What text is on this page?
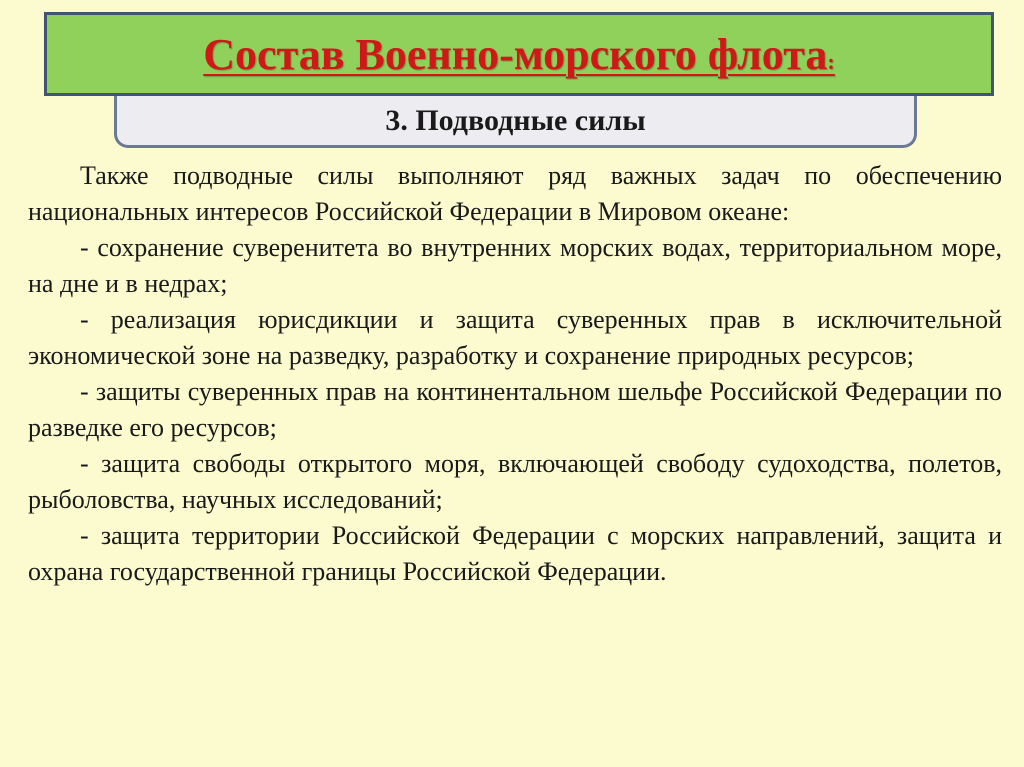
Состав Военно-морского флота:
3. Подводные силы

Также подводные силы выполняют ряд важных задач по обеспечению национальных интересов Российской Федерации в Мировом океане:

- сохранение суверенитета во внутренних морских водах, территориальном море, на дне и в недрах;

- реализация юрисдикции и защита суверенных прав в исключительной экономической зоне на разведку, разработку и сохранение природных ресурсов;

- защиты суверенных прав на континентальном шельфе Российской Федерации по разведке его ресурсов;

- защита свободы открытого моря, включающей свободу судоходства, полетов, рыболовства, научных исследований;

- защита территории Российской Федерации с морских направлений, защита и охрана государственной границы Российской Федерации.
